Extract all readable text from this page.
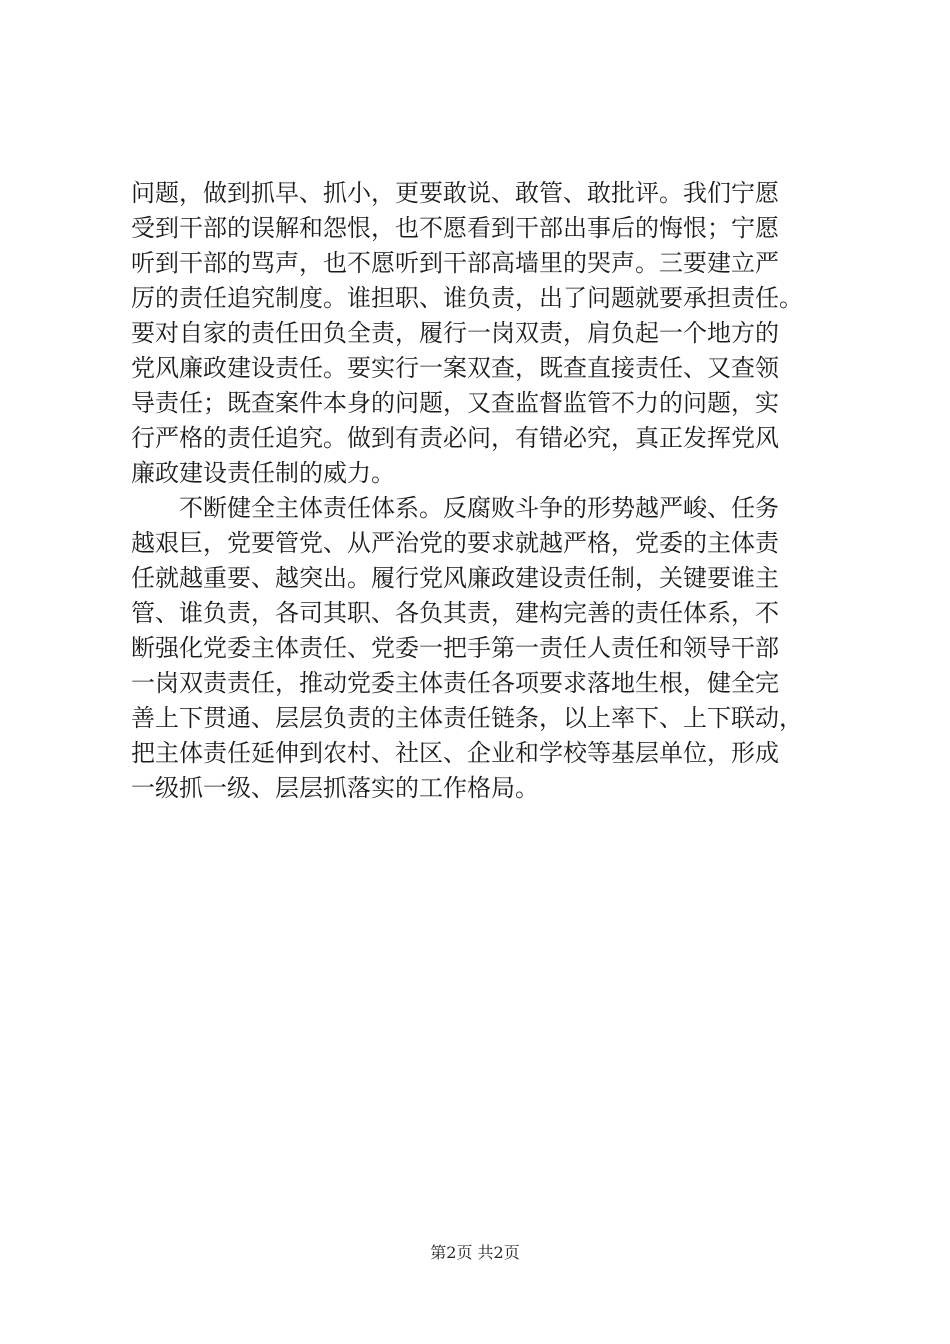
问题，做到抓早、抓小，更要敢说、敢管、敢批评。我们宁愿
受到干部的误解和怨恨，也不愿看到干部出事后的悔恨；宁愿
听到干部的骂声，也不愿听到干部高墙里的哭声。三要建立严
厉的责任追究制度。谁担职、谁负责，出了问题就要承担责任。
要对自家的责任田负全责，履行一岗双责，肩负起一个地方的
党风廉政建设责任。要实行一案双查，既查直接责任、又查领
导责任；既查案件本身的问题，又查监督监管不力的问题，实
行严格的责任追究。做到有责必问，有错必究，真正发挥党风
廉政建设责任制的威力。
　　不断健全主体责任体系。反腐败斗争的形势越严峻、任务
越艰巨，党要管党、从严治党的要求就越严格，党委的主体责
任就越重要、越突出。履行党风廉政建设责任制，关键要谁主
管、谁负责，各司其职、各负其责，建构完善的责任体系，不
断强化党委主体责任、党委一把手第一责任人责任和领导干部
一岗双责责任，推动党委主体责任各项要求落地生根，健全完
善上下贯通、层层负责的主体责任链条，以上率下、上下联动，
把主体责任延伸到农村、社区、企业和学校等基层单位，形成
一级抓一级、层层抓落实的工作格局。
第2页 共2页
